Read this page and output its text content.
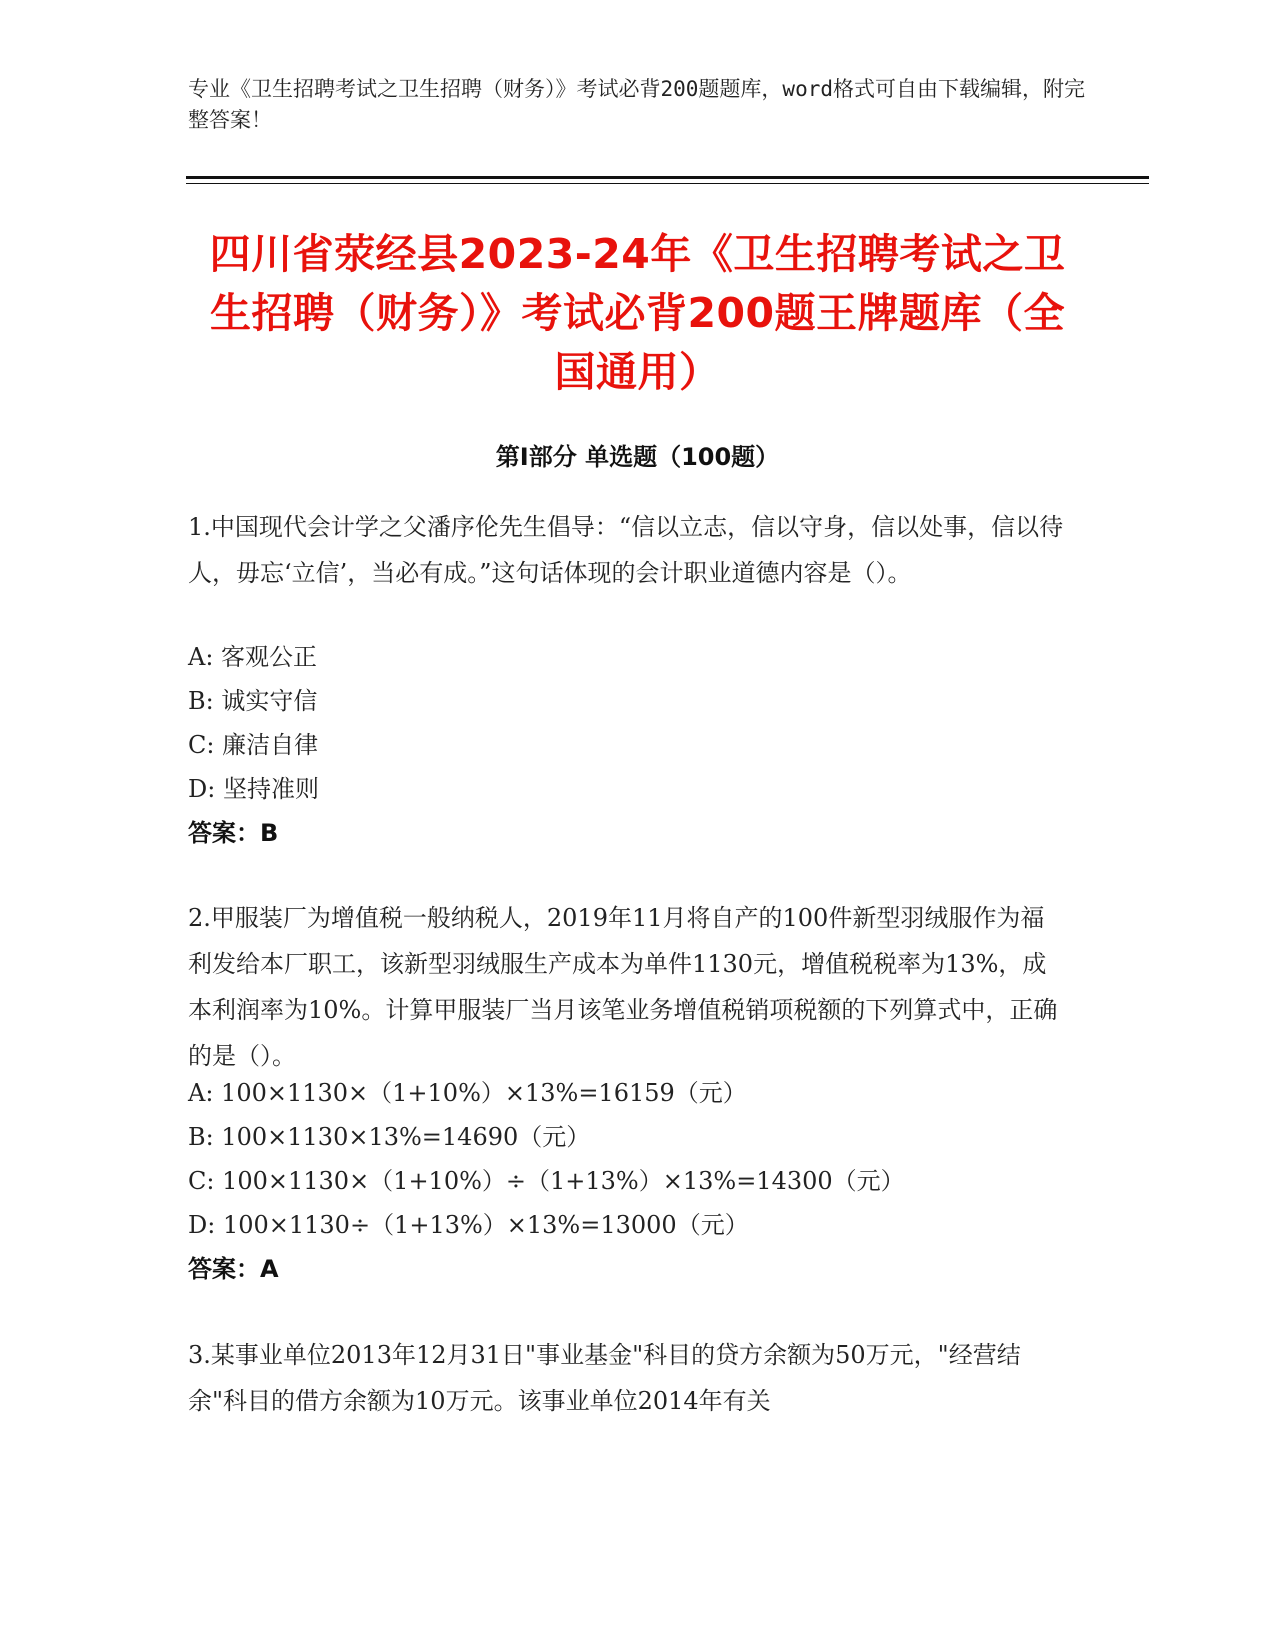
专业《卫生招聘考试之卫生招聘（财务）》考试必背200题题库，word格式可自由下载编辑，附完整答案！
四川省荥经县2023-24年《卫生招聘考试之卫生招聘（财务）》考试必背200题王牌题库（全国通用）
第I部分 单选题（100题）
1.中国现代会计学之父潘序伦先生倡导：“信以立志，信以守身，信以处事，信以待人，毋忘‘立信’，当必有成。”这句话体现的会计职业道德内容是（）。
A: 客观公正
B: 诚实守信
C: 廉洁自律
D: 坚持准则
答案：B
2.甲服装厂为增值税一般纳税人，2019年11月将自产的100件新型羽绒服作为福利发给本厂职工，该新型羽绒服生产成本为单件1130元，增值税税率为13%，成本利润率为10%。计算甲服装厂当月该笔业务增值税销项税额的下列算式中，正确的是（）。
A: 100×1130×（1+10%）×13%=16159（元）
B: 100×1130×13%=14690（元）
C: 100×1130×（1+10%）÷（1+13%）×13%=14300（元）
D: 100×1130÷（1+13%）×13%=13000（元）
答案：A
3.某事业单位2013年12月31日"事业基金"科目的贷方余额为50万元，"经营结余"科目的借方余额为10万元。该事业单位2014年有关
